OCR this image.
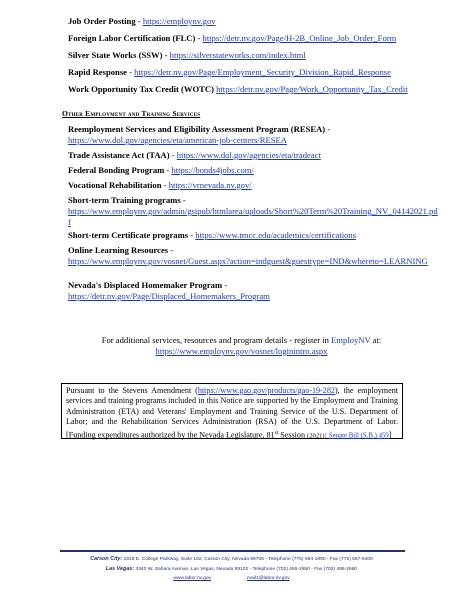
Job Order Posting - https://employnv.gov
Foreign Labor Certification (FLC) - https://detr.nv.gov/Page/H-2B_Online_Job_Order_Form
Silver State Works (SSW) - https://silverstateworks.com/index.html
Rapid Response - https://detr.nv.gov/Page/Employment_Security_Division_Rapid_Response
Work Opportunity Tax Credit (WOTC) https://detr.nv.gov/Page/Work_Opportunity_Tax_Credit
Other Employment and Training Services
Reemployment Services and Eligibility Assessment Program (RESEA) -
https://www.dol.gov/agencies/eta/american-job-centers/RESEA
Trade Assistance Act (TAA) - https://www.dol.gov/agencies/eta/tradeact
Federal Bonding Program - https://bonds4jobs.com/
Vocational Rehabilitation - https://vrnevada.nv.gov/
Short-term Training programs -
https://www.employnv.gov/admin/gsipub/htmlarea/uploads/Short%20Term%20Training_NV_04142021.pdf
Short-term Certificate programs - https://www.tmcc.edu/academics/certifications
Online Learning Resources -
https://www.employnv.gov/vosnet/Guest.aspx?action=indguest&guesttype=IND&whereto=LEARNING
Nevada's Displaced Homemaker Program -
https://detr.nv.gov/Page/Displaced_Homemakers_Program
For additional services, resources and program details - register in EmployNV at:
https://www.employnv.gov/vosnet/loginintro.aspx
Pursuant to the Stevens Amendment (https://www.gao.gov/products/gao-19-282), the employment services and training programs included in this Notice are supported by the Employment and Training Administration (ETA) and Veterans' Employment and Training Service of the U.S. Department of Labor; and the Rehabilitation Services Administration (RSA) of the U.S. Department of Labor. [Funding expenditures authorized by the Nevada Legislature, 81st Session (2021): Senate Bill (S.B.) 459]
Carson City: 1818 E. College Parkway, Suite 102, Carson City, Nevada 89706 - Telephone (775) 684-1890 - Fax (775) 687-6409
Las Vegas: 3340 W. Sahara Avenue, Las Vegas, Nevada 89102 - Telephone (702) 486-2650 - Fax (702) 486-2660
www.labor.nv.gov	mail1@labor.nv.gov
